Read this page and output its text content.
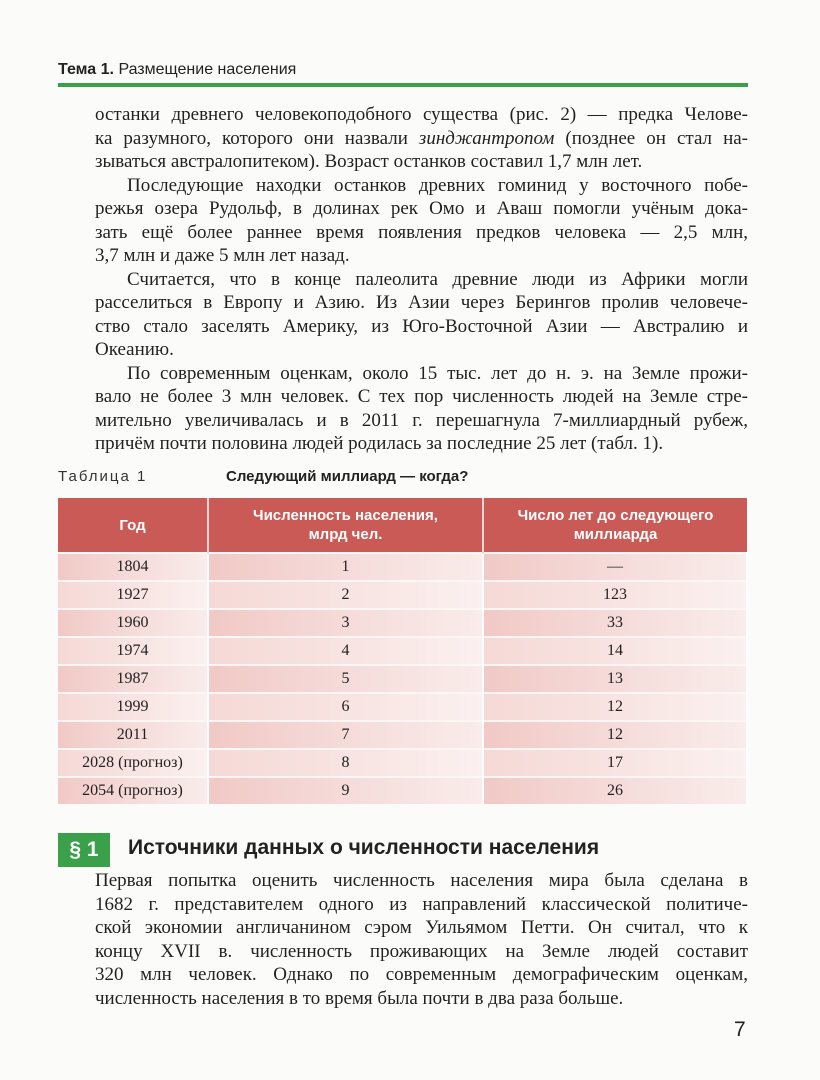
Тема 1. Размещение населения
останки древнего человекоподобного существа (рис. 2) — предка Челове-
ка разумного, которого они назвали зинджантропом (позднее он стал на-
зываться австралопитеком). Возраст останков составил 1,7 млн лет.
Последующие находки останков древних гоминид у восточного побе-
режья озера Рудольф, в долинах рек Омо и Аваш помогли учёным дока-
зать ещё более раннее время появления предков человека — 2,5 млн,
3,7 млн и даже 5 млн лет назад.
Считается, что в конце палеолита древние люди из Африки могли
расселиться в Европу и Азию. Из Азии через Берингов пролив человече-
ство стало заселять Америку, из Юго-Восточной Азии — Австралию и
Океанию.
По современным оценкам, около 15 тыс. лет до н. э. на Земле прожи-
вало не более 3 млн человек. С тех пор численность людей на Земле стре-
мительно увеличивалась и в 2011 г. перешагнула 7-миллиардный рубеж,
причём почти половина людей родилась за последние 25 лет (табл. 1).
Таблица 1	Следующий миллиард — когда?
Год	Численность населения, млрд чел.	Число лет до следующего миллиарда
1804	1	—
1927	2	123
1960	3	33
1974	4	14
1987	5	13
1999	6	12
2011	7	12
2028 (прогноз)	8	17
2054 (прогноз)	9	26
§ 1	Источники данных о численности населения
Первая попытка оценить численность населения мира была сделана в
1682 г. представителем одного из направлений классической политиче-
ской экономии англичанином сэром Уильямом Петти. Он считал, что к
концу XVII в. численность проживающих на Земле людей составит
320 млн человек. Однако по современным демографическим оценкам,
численность населения в то время была почти в два раза больше.
7
